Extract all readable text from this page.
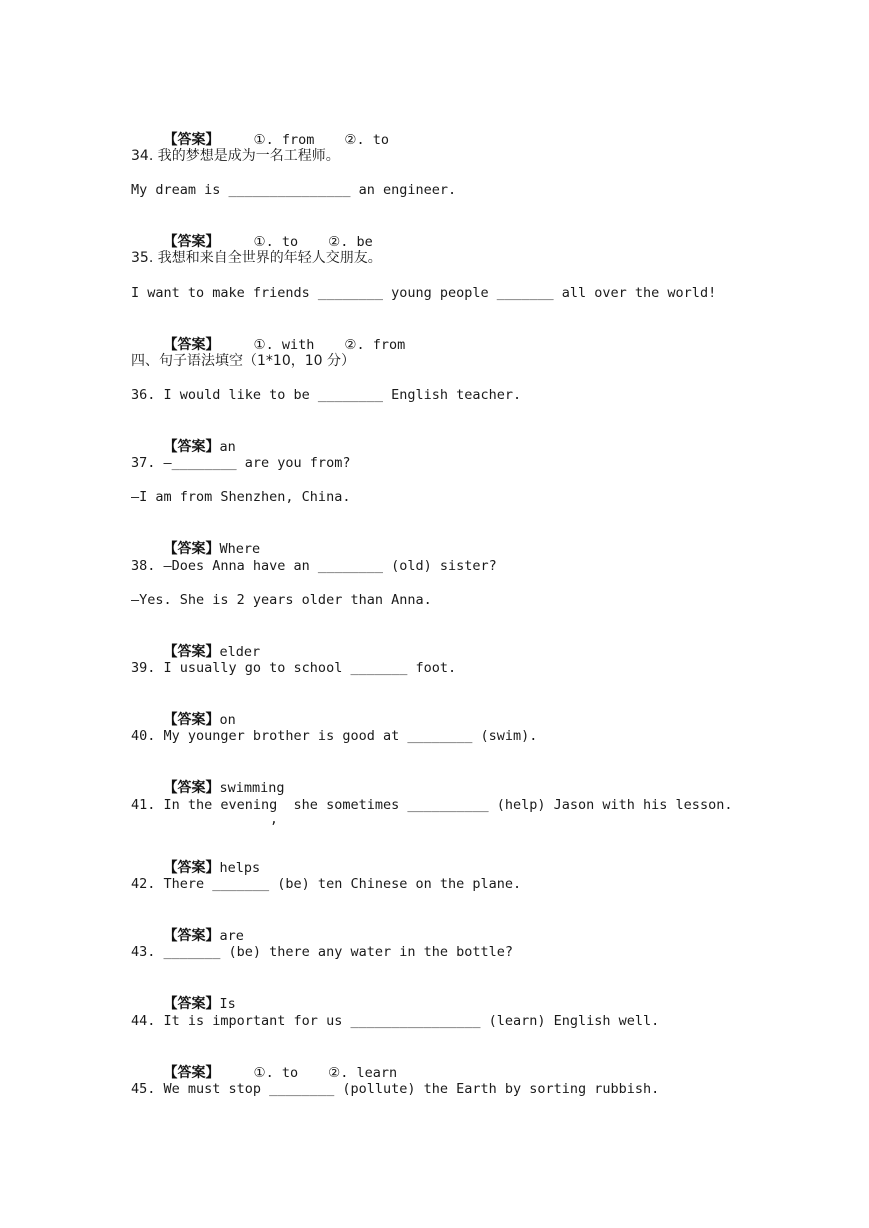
【答案】	①. from ②. to

34. 我的梦想是成为一名工程师。
My dream is _______________ an engineer.

【答案】	①. to ②. be

35. 我想和来自全世界的年轻人交朋友。
I want to make friends ________ young people _______ all over the world!

【答案】	①. with ②. from

四、句子语法填空（1*10，10 分）
36. I would like to be ________ English teacher.

【答案】an

37. —________ are you from?
—I am from Shenzhen, China.

【答案】Where

38. —Does Anna have an ________ (old) sister?
—Yes. She is 2 years older than Anna.

【答案】elder

39. I usually go to school _______ foot.

【答案】on

40. My younger brother is good at ________ (swim).

【答案】swimming

41. In the evening  she sometimes __________ (help) Jason with his lesson.
,

【答案】helps

42. There _______ (be) ten Chinese on the plane.

【答案】are

43. _______ (be) there any water in the bottle?

【答案】Is

44. It is important for us ________________ (learn) English well.

【答案】	①. to ②. learn

45. We must stop ________ (pollute) the Earth by sorting rubbish.
